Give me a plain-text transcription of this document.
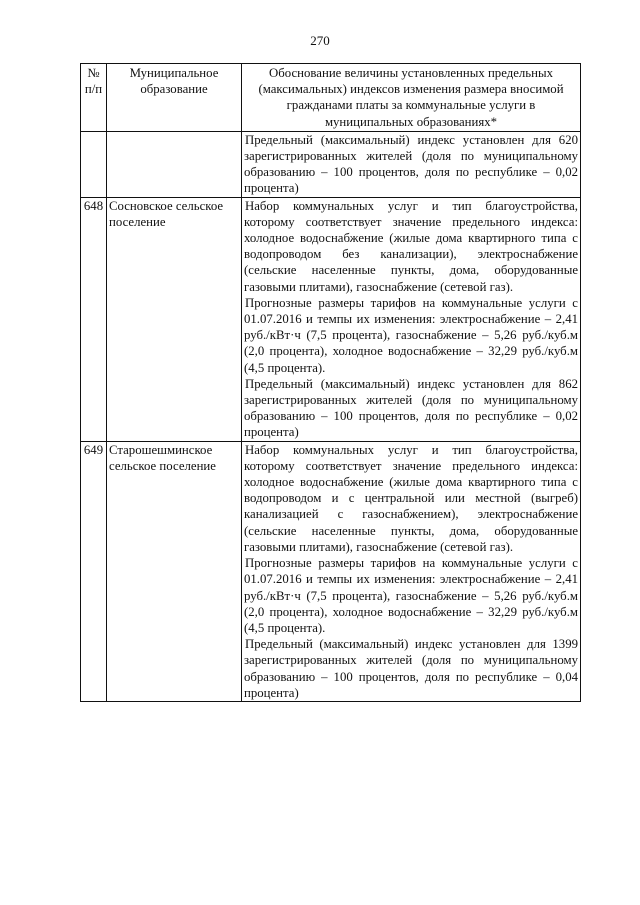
270
№ п/п	Муниципальное образование	Обоснование величины установленных предельных (максимальных) индексов изменения размера вносимой гражданами платы за коммунальные услуги в муниципальных образованиях*

		Предельный (максимальный) индекс установлен для 620 зарегистрированных жителей (доля по муниципальному образованию – 100 процентов, доля по республике – 0,02 процента)

648	Сосновское сельское поселение	Набор коммунальных услуг и тип благоустройства, которому соответствует значение предельного индекса: холодное водоснабжение (жилые дома квартирного типа с водопроводом без канализации), электроснабжение (сельские населенные пункты, дома, оборудованные газовыми плитами), газоснабжение (сетевой газ).

Прогнозные размеры тарифов на коммунальные услуги с 01.07.2016 и темпы их изменения: электроснабжение – 2,41 руб./кВт·ч (7,5 процента), газоснабжение – 5,26 руб./куб.м (2,0 процента), холодное водоснабжение – 32,29 руб./куб.м (4,5 процента).

Предельный (максимальный) индекс установлен для 862 зарегистрированных жителей (доля по муниципальному образованию – 100 процентов, доля по республике – 0,02 процента)

649	Старошешминское сельское поселение	Набор коммунальных услуг и тип благоустройства, которому соответствует значение предельного индекса: холодное водоснабжение (жилые дома квартирного типа с водопроводом и с центральной или местной (выгреб) канализацией с газоснабжением), электроснабжение (сельские населенные пункты, дома, оборудованные газовыми плитами), газоснабжение (сетевой газ).

Прогнозные размеры тарифов на коммунальные услуги с 01.07.2016 и темпы их изменения: электроснабжение – 2,41 руб./кВт·ч (7,5 процента), газоснабжение – 5,26 руб./куб.м (2,0 процента), холодное водоснабжение – 32,29 руб./куб.м (4,5 процента).

Предельный (максимальный) индекс установлен для 1399 зарегистрированных жителей (доля по муниципальному образованию – 100 процентов, доля по республике – 0,04 процента)
